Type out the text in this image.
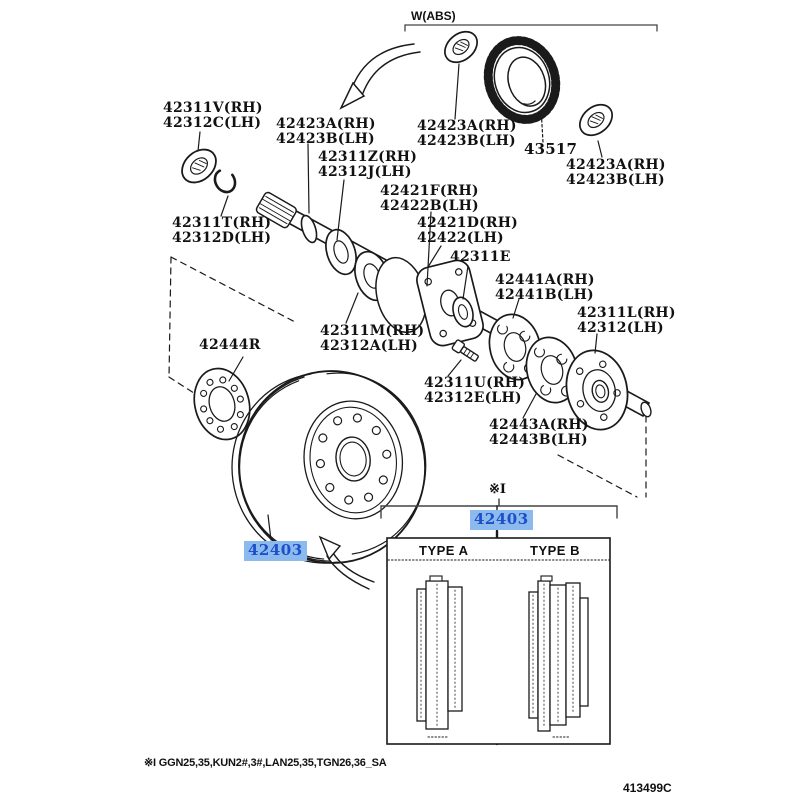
W(ABS)
42311V(RH)
42312C(LH) 42423A(RH)
42423B(LH)
42423A(RH)
42423B(LH) 43517
42423A(RH)
42423B(LH)
42311Z(RH)
42312J(LH)
42421F(RH)
42422B(LH)
42421D(RH)
42422(LH)
42311E
42441A(RH)
42441B(LH)
42311L(RH)
42312(LH)
42311T(RH)
42312D(LH)
42311M(RH)
42312A(LH)
42444R
42311U(RH)
42312E(LH)
42443A(RH)
42443B(LH)
※I
42403
42403	TYPE A	TYPE B
※I GGN25,35,KUN2#,3#,LAN25,35,TGN26,36_SA
413499C
